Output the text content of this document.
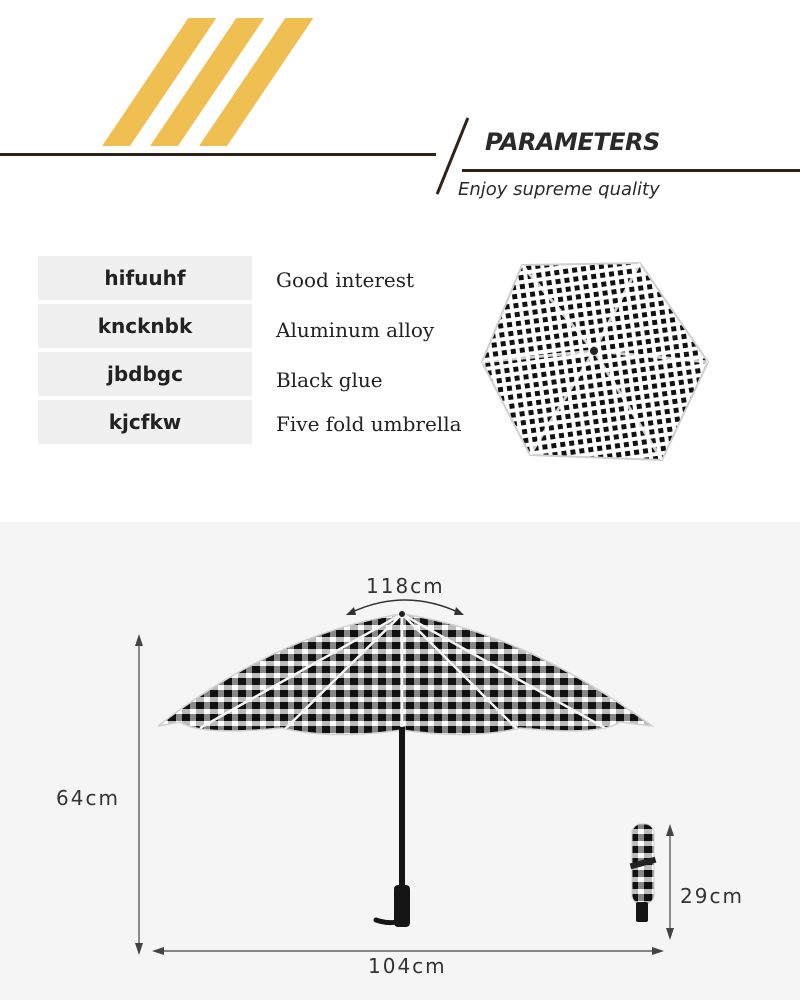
PARAMETERS
Enjoy supreme quality
hifuuhf	Good interest
kncknbk	Aluminum alloy
jbdbgc	Black glue
kjcfkw	Five fold umbrella
118cm
64cm
104cm
29cm
